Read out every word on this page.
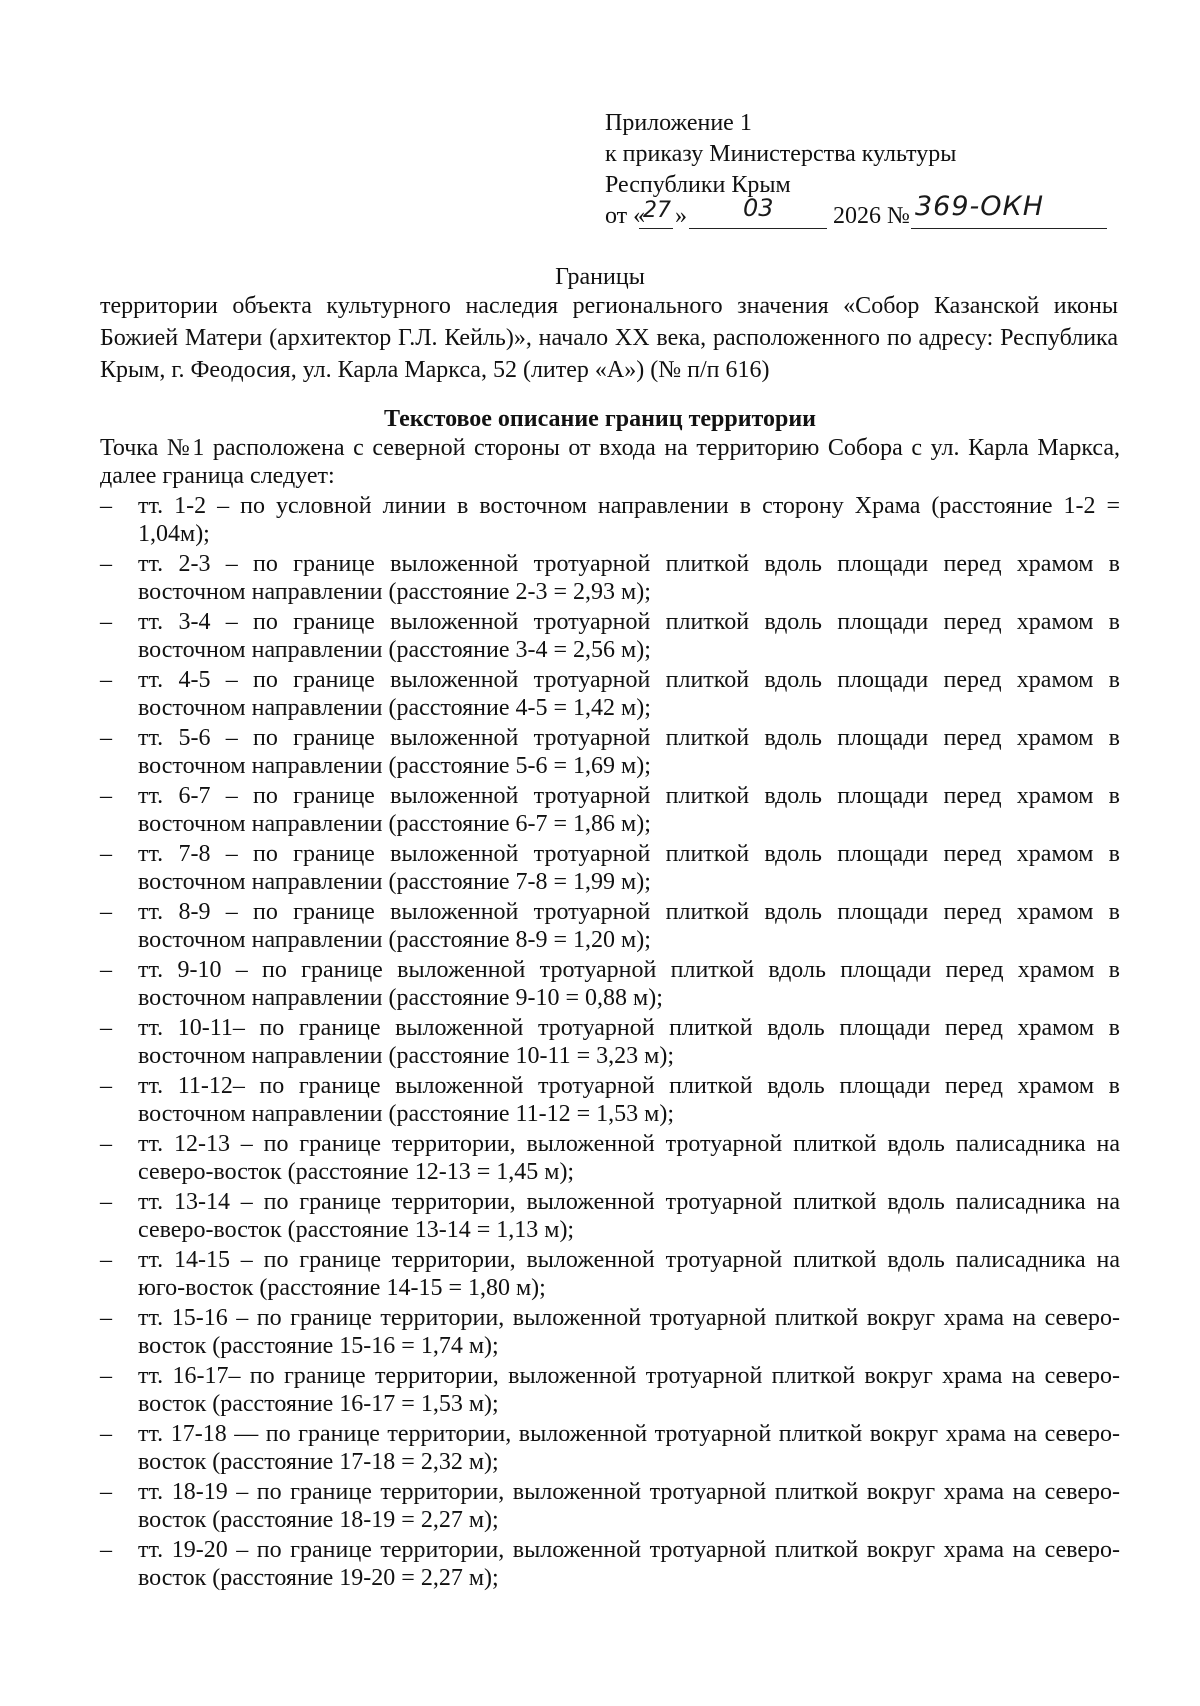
Приложение 1
к приказу Министерства культуры
Республики Крым
от «
27 » 03 2026 № 369-ОКН
Границы
территории объекта культурного наследия регионального значения «Собор Казанской иконы Божией Матери (архитектор Г.Л. Кейль)», начало XX века, расположенного по адресу: Республика Крым, г. Феодосия, ул. Карла Маркса, 52 (литер «А») (№ п/п 616)
Текстовое описание границ территории
Точка №1 расположена с северной стороны от входа на территорию Собора с ул. Карла Маркса, далее граница следует:
–	тт. 1-2 – по условной линии в восточном направлении в сторону Храма (расстояние 1-2 = 1,04м);
–	тт. 2-3 – по границе выложенной тротуарной плиткой вдоль площади перед храмом в восточном направлении (расстояние 2-3 = 2,93 м);
–	тт. 3-4 – по границе выложенной тротуарной плиткой вдоль площади перед храмом в восточном направлении (расстояние 3-4 = 2,56 м);
–	тт. 4-5 – по границе выложенной тротуарной плиткой вдоль площади перед храмом в восточном направлении (расстояние 4-5 = 1,42 м);
–	тт. 5-6 – по границе выложенной тротуарной плиткой вдоль площади перед храмом в восточном направлении (расстояние 5-6 = 1,69 м);
–	тт. 6-7 – по границе выложенной тротуарной плиткой вдоль площади перед храмом в восточном направлении (расстояние 6-7 = 1,86 м);
–	тт. 7-8 – по границе выложенной тротуарной плиткой вдоль площади перед храмом в восточном направлении (расстояние 7-8 = 1,99 м);
–	тт. 8-9 – по границе выложенной тротуарной плиткой вдоль площади перед храмом в восточном направлении (расстояние 8-9 = 1,20 м);
–	тт. 9-10 – по границе выложенной тротуарной плиткой вдоль площади перед храмом в восточном направлении (расстояние 9-10 = 0,88 м);
–	тт. 10-11– по границе выложенной тротуарной плиткой вдоль площади перед храмом в восточном направлении (расстояние 10-11 = 3,23 м);
–	тт. 11-12– по границе выложенной тротуарной плиткой вдоль площади перед храмом в восточном направлении (расстояние 11-12 = 1,53 м);
–	тт. 12-13 – по границе территории, выложенной тротуарной плиткой вдоль палисадника на северо-восток (расстояние 12-13 = 1,45 м);
–	тт. 13-14 – по границе территории, выложенной тротуарной плиткой вдоль палисадника на северо-восток (расстояние 13-14 = 1,13 м);
–	тт. 14-15 – по границе территории, выложенной тротуарной плиткой вдоль палисадника на юго-восток (расстояние 14-15 = 1,80 м);
–	тт. 15-16 – по границе территории, выложенной тротуарной плиткой вокруг храма на северо-восток (расстояние 15-16 = 1,74 м);
–	тт. 16-17– по границе территории, выложенной тротуарной плиткой вокруг храма на северо-восток (расстояние 16-17 = 1,53 м);
–	тт. 17-18 — по границе территории, выложенной тротуарной плиткой вокруг храма на северо-восток (расстояние 17-18 = 2,32 м);
–	тт. 18-19 – по границе территории, выложенной тротуарной плиткой вокруг храма на северо-восток (расстояние 18-19 = 2,27 м);
–	тт. 19-20 – по границе территории, выложенной тротуарной плиткой вокруг храма на северо-восток (расстояние 19-20 = 2,27 м);
